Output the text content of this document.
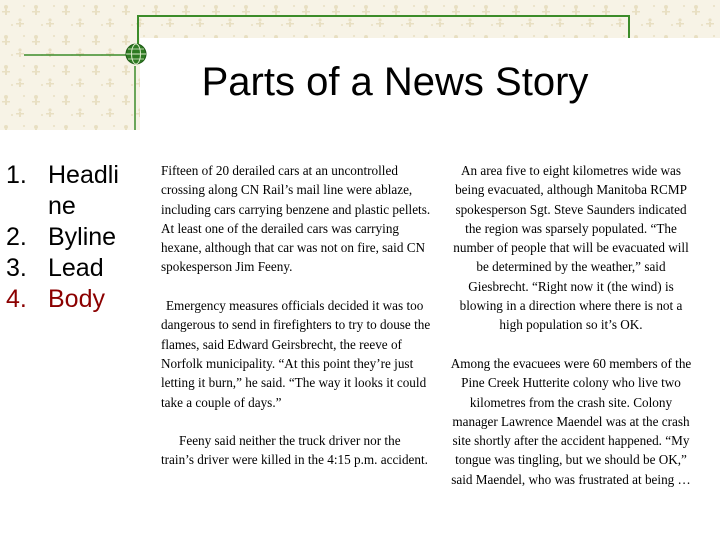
Parts of a News Story
1. Headli
ne
2. Byline
3. Lead
4. Body

Fifteen of 20 derailed cars at an uncontrolled crossing along CN Rail’s mail line were ablaze, including cars carrying benzene and plastic pellets. At least one of the derailed cars was carrying hexane, although that car was not on fire, said CN spokesperson Jim Feeny.

Emergency measures officials decided it was too dangerous to send in firefighters to try to douse the flames, said Edward Geirsbrecht, the reeve of Norfolk municipality. “At this point they’re just letting it burn,” he said. “The way it looks it could take a couple of days.”

Feeny said neither the truck driver nor the train’s driver were killed in the 4:15 p.m. accident.

An area five to eight kilometres wide was being evacuated, although Manitoba RCMP spokesperson Sgt. Steve Saunders indicated the region was sparsely populated. “The number of people that will be evacuated will be determined by the weather,” said Giesbrecht. “Right now it (the wind) is blowing in a direction where there is not a high population so it’s OK.

Among the evacuees were 60 members of the Pine Creek Hutterite colony who live two kilometres from the crash site. Colony manager Lawrence Maendel was at the crash site shortly after the accident happened. “My tongue was tingling, but we should be OK,” said Maendel, who was frustrated at being …
